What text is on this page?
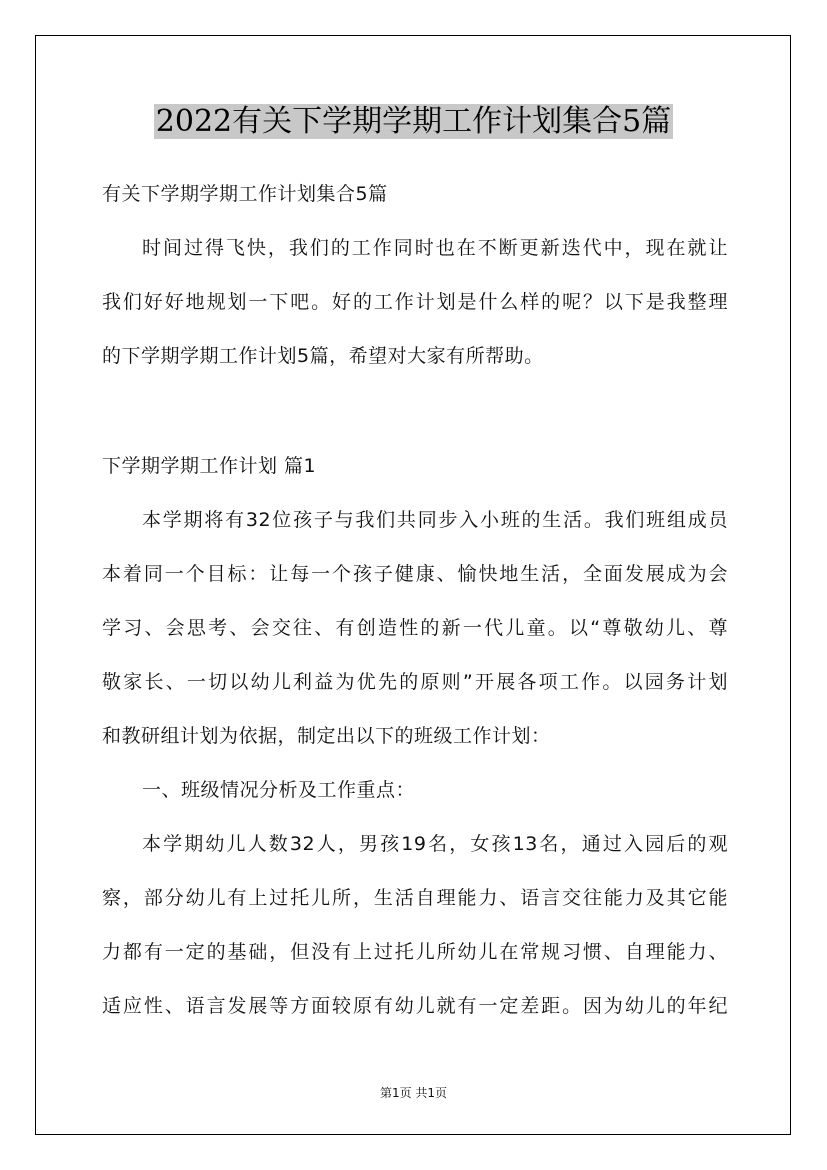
2022有关下学期学期工作计划集合5篇
有关下学期学期工作计划集合5篇
时间过得飞快，我们的工作同时也在不断更新迭代中，现在就让
我们好好地规划一下吧。好的工作计划是什么样的呢？以下是我整理
的下学期学期工作计划5篇，希望对大家有所帮助。
下学期学期工作计划 篇1
本学期将有32位孩子与我们共同步入小班的生活。我们班组成员
本着同一个目标：让每一个孩子健康、愉快地生活，全面发展成为会
学习、会思考、会交往、有创造性的新一代儿童。以“尊敬幼儿、尊
敬家长、一切以幼儿利益为优先的原则”开展各项工作。以园务计划
和教研组计划为依据，制定出以下的班级工作计划：
一、班级情况分析及工作重点：
本学期幼儿人数32人，男孩19名，女孩13名，通过入园后的观
察，部分幼儿有上过托儿所，生活自理能力、语言交往能力及其它能
力都有一定的基础，但没有上过托儿所幼儿在常规习惯、自理能力、
适应性、语言发展等方面较原有幼儿就有一定差距。因为幼儿的年纪
第1页 共1页
